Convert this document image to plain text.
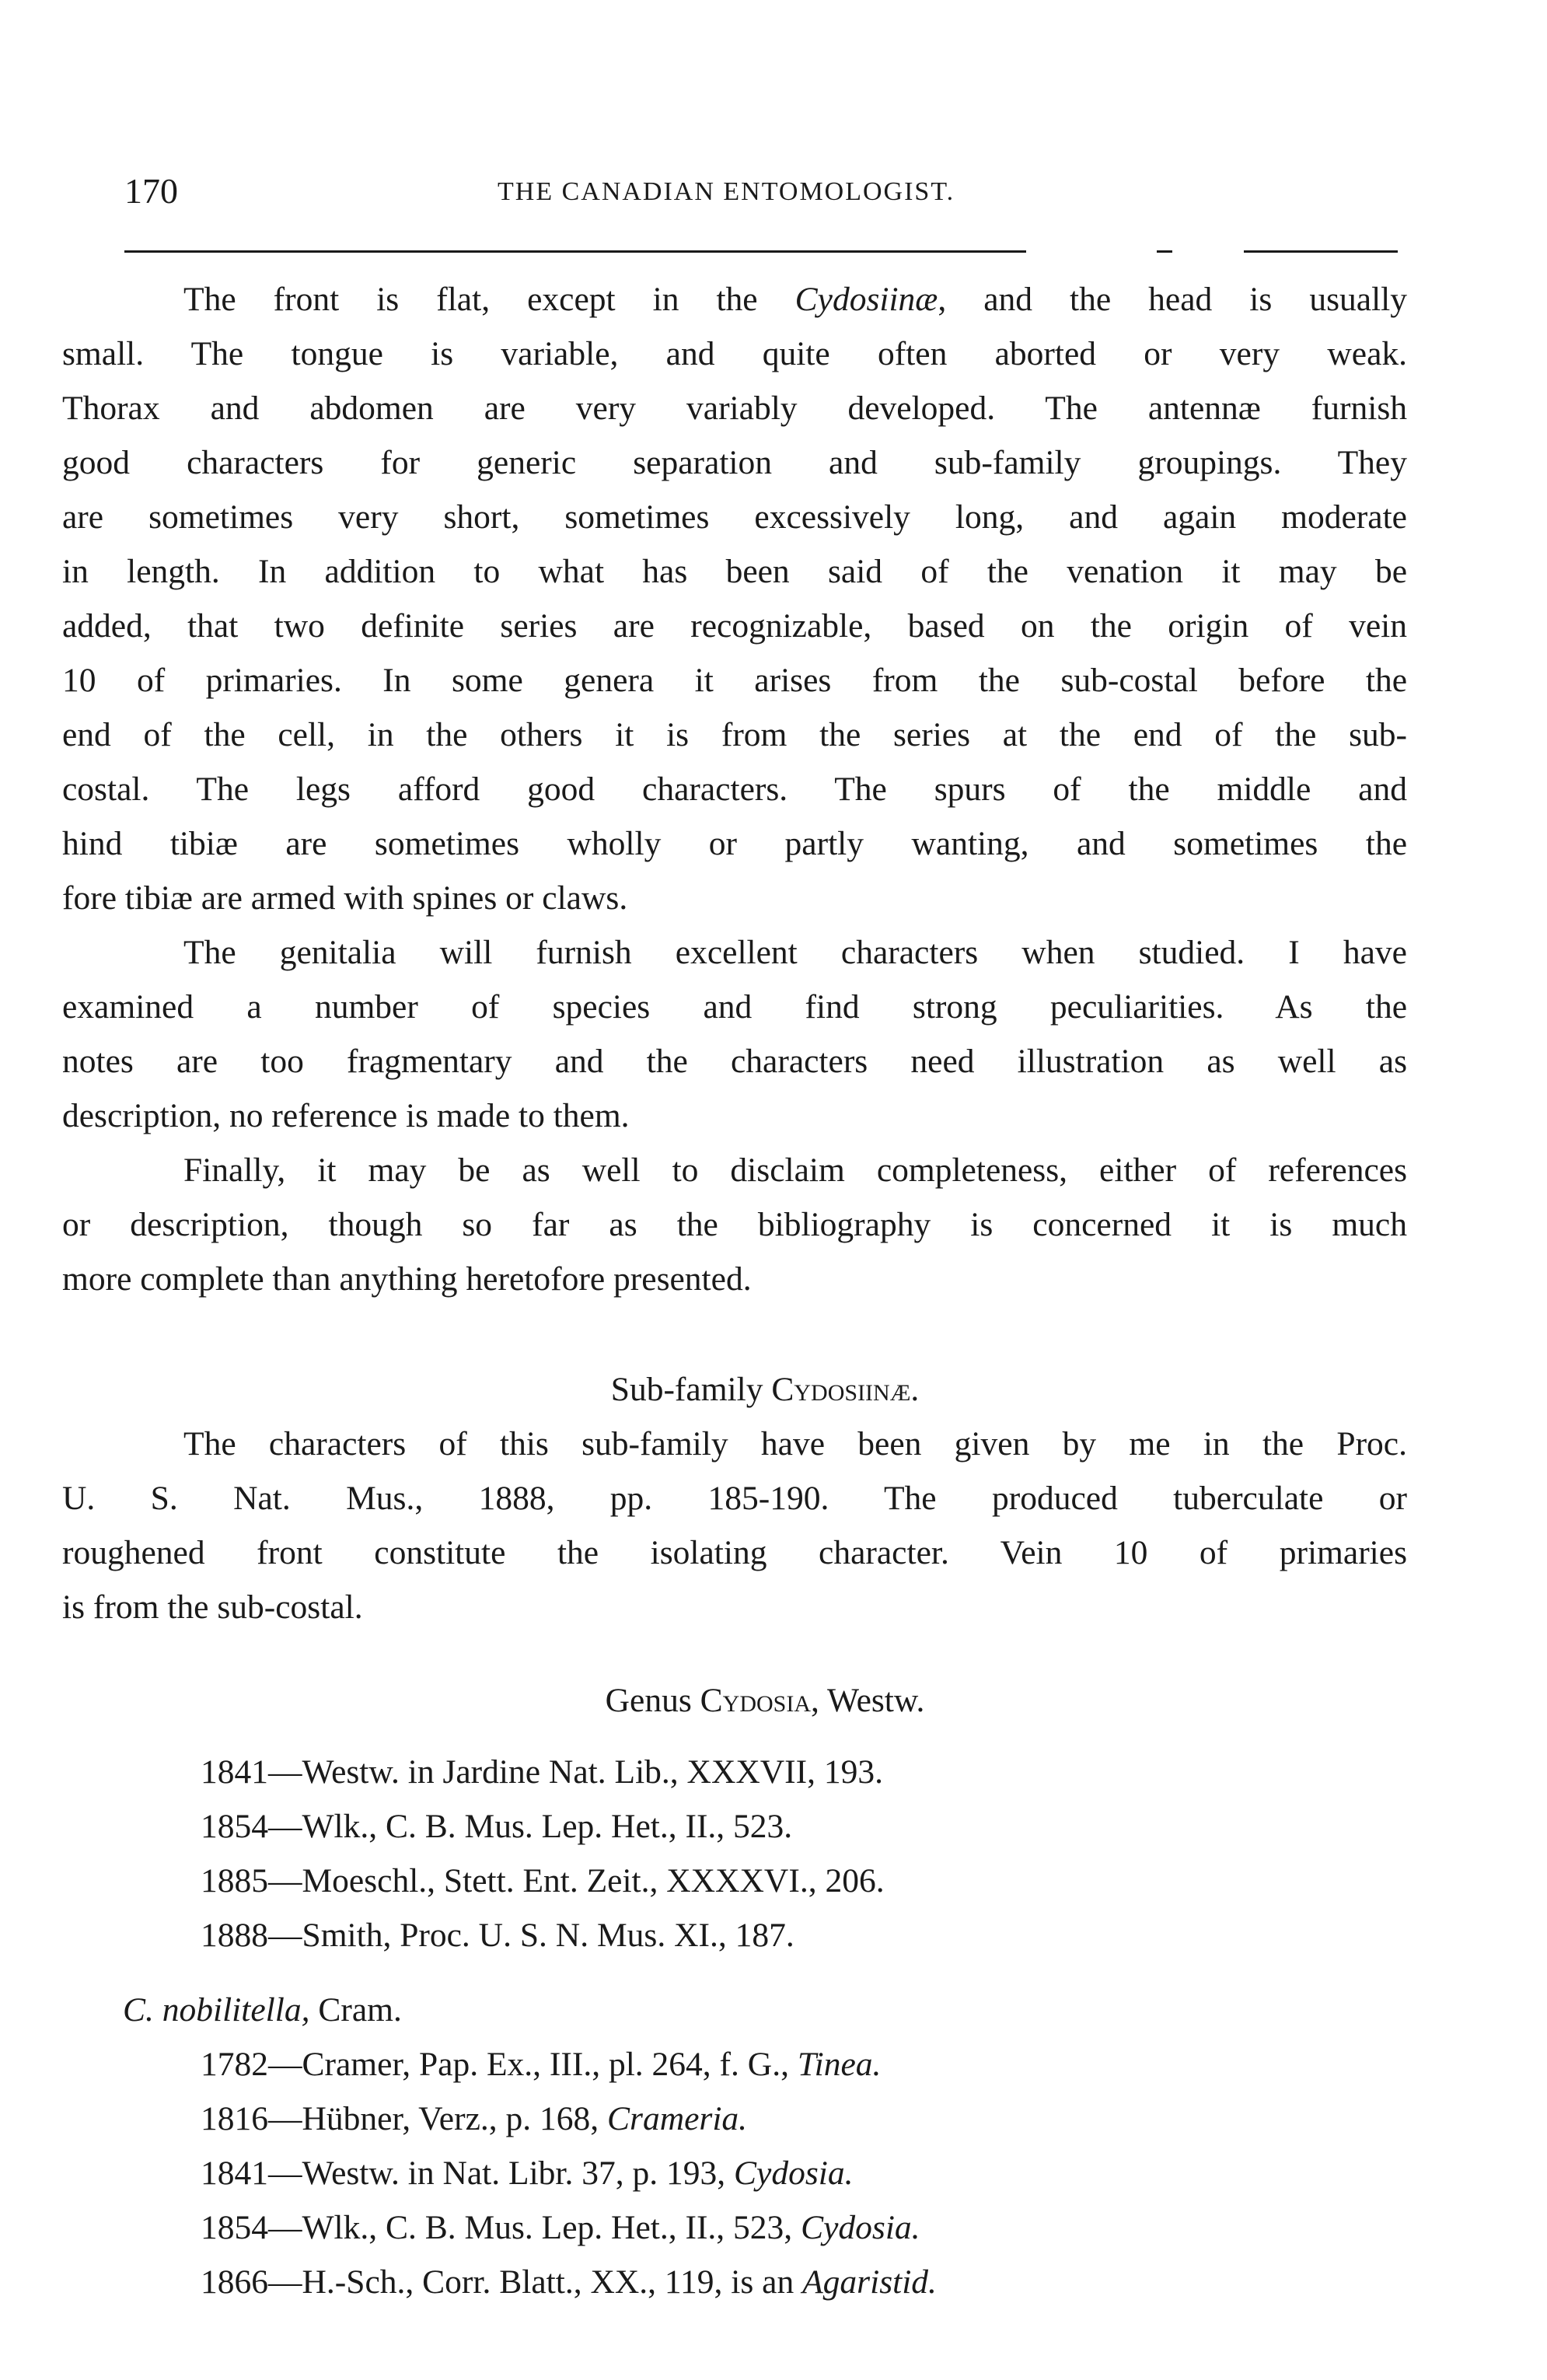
170	THE CANADIAN ENTOMOLOGIST.
The front is flat, except in the Cydosiinæ, and the head is usually
small. The tongue is variable, and quite often aborted or very weak.
Thorax and abdomen are very variably developed. The antennæ furnish
good characters for generic separation and sub-family groupings. They
are sometimes very short, sometimes excessively long, and again moderate
in length. In addition to what has been said of the venation it may be
added, that two definite series are recognizable, based on the origin of vein
10 of primaries. In some genera it arises from the sub-costal before the
end of the cell, in the others it is from the series at the end of the sub-
costal. The legs afford good characters. The spurs of the middle and
hind tibiæ are sometimes wholly or partly wanting, and sometimes the
fore tibiæ are armed with spines or claws.
The genitalia will furnish excellent characters when studied. I have
examined a number of species and find strong peculiarities. As the
notes are too fragmentary and the characters need illustration as well as
description, no reference is made to them.
Finally, it may be as well to disclaim completeness, either of references
or description, though so far as the bibliography is concerned it is much
more complete than anything heretofore presented.

Sub-family Cydosiinæ.

The characters of this sub-family have been given by me in the Proc.
U. S. Nat. Mus., 1888, pp. 185-190. The produced tuberculate or
roughened front constitute the isolating character. Vein 10 of primaries
is from the sub-costal.

Genus Cydosia, Westw.

1841—Westw. in Jardine Nat. Lib., XXXVII, 193.
1854—Wlk., C. B. Mus. Lep. Het., II., 523.
1885—Moeschl., Stett. Ent. Zeit., XXXXVI., 206.
1888—Smith, Proc. U. S. N. Mus. XI., 187.

C. nobilitella, Cram.

1782—Cramer, Pap. Ex., III., pl. 264, f. G., Tinea.
1816—Hübner, Verz., p. 168, Crameria.
1841—Westw. in Nat. Libr. 37, p. 193, Cydosia.
1854—Wlk., C. B. Mus. Lep. Het., II., 523, Cydosia.
1866—H.-Sch., Corr. Blatt., XX., 119, is an Agaristid.
